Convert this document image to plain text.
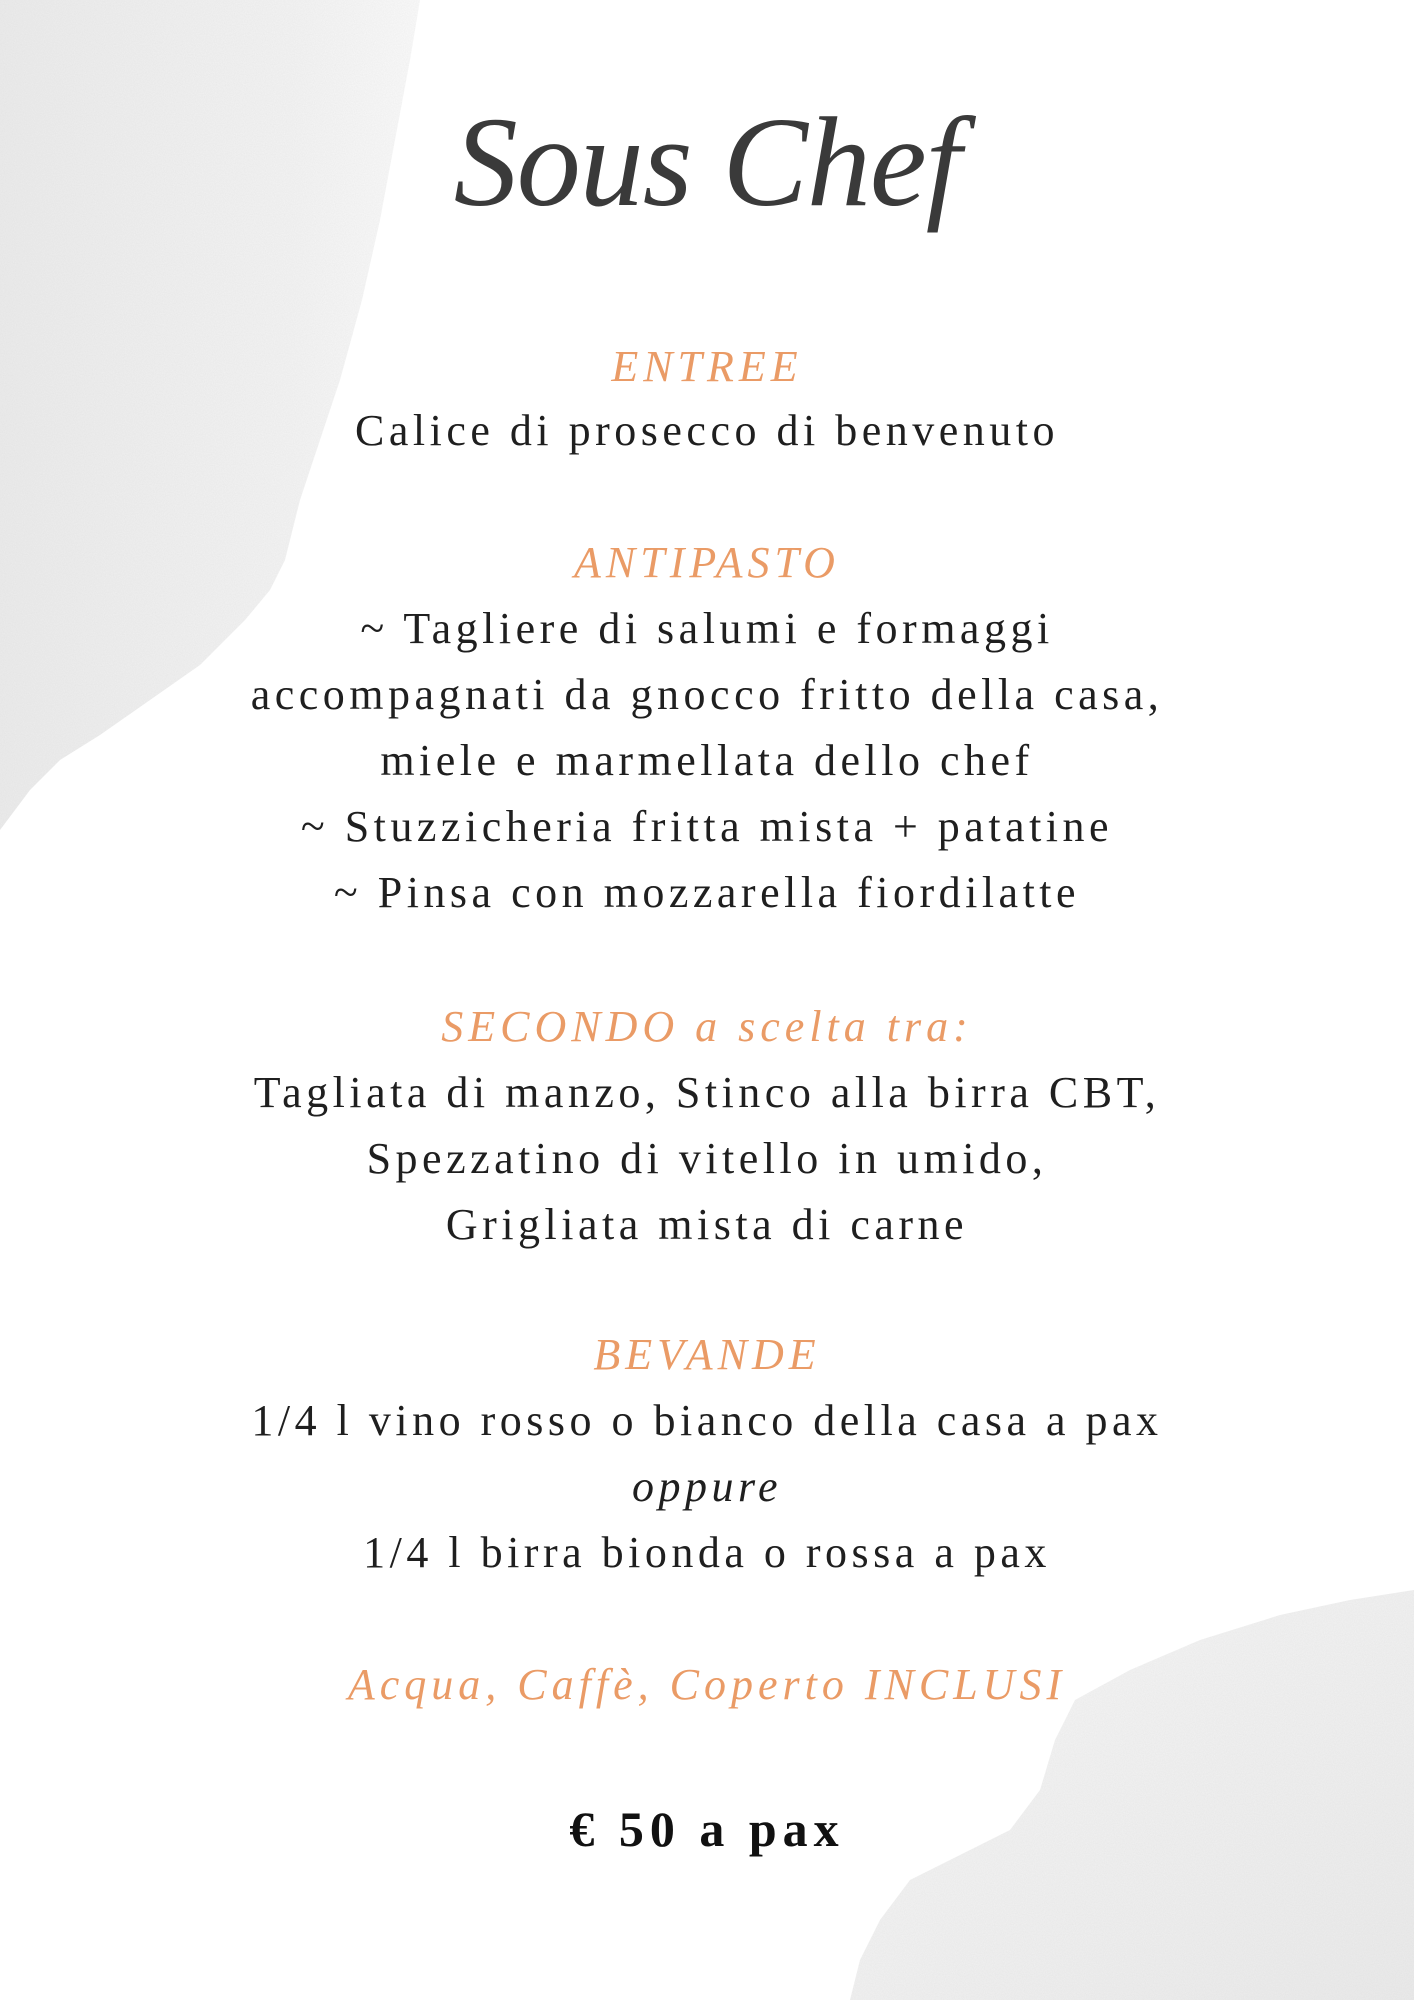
Sous Chef
ENTREE
Calice di prosecco di benvenuto
ANTIPASTO
~ Tagliere di salumi e formaggi
accompagnati da gnocco fritto della casa,
miele e marmellata dello chef
~ Stuzzicheria fritta mista + patatine
~ Pinsa con mozzarella fiordilatte
SECONDO a scelta tra:
Tagliata di manzo, Stinco alla birra CBT,
Spezzatino di vitello in umido,
Grigliata mista di carne
BEVANDE
1/4 l vino rosso o bianco della casa a pax
oppure
1/4 l birra bionda o rossa a pax
Acqua, Caffè, Coperto INCLUSI
€ 50 a pax
